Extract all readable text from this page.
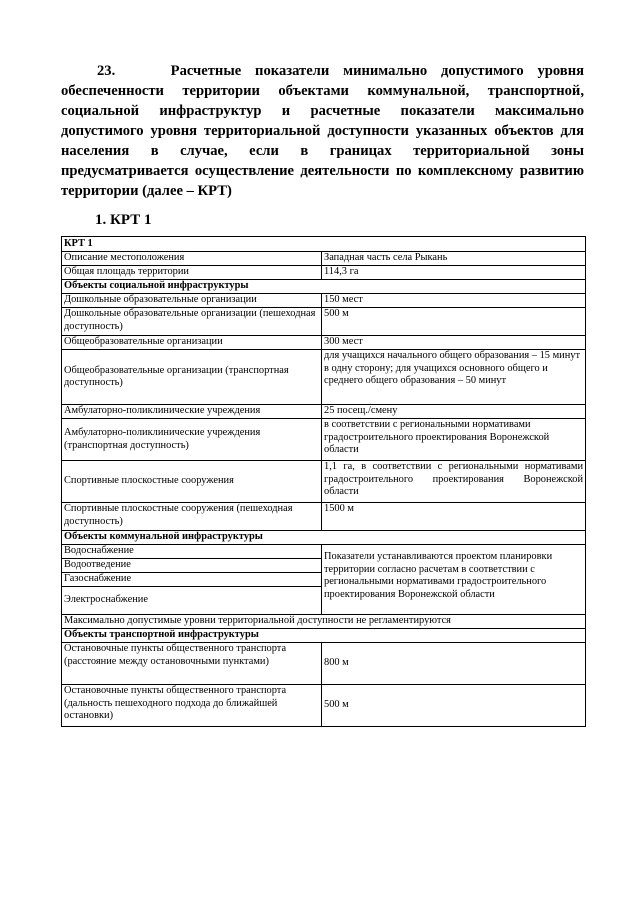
23.	Расчетные показатели минимально допустимого уровня обеспеченности территории объектами коммунальной, транспортной, социальной инфраструктур и расчетные показатели максимально допустимого уровня территориальной доступности указанных объектов для населения в случае, если в границах территориальной зоны предусматривается осуществление деятельности по комплексному развитию территории (далее – КРТ)
1. КРТ 1
КРТ 1	
Описание местоположения	Западная часть села Рыкань
Общая площадь территории	114,3 га
Объекты социальной инфраструктуры	
Дошкольные образовательные организации	150 мест
Дошкольные образовательные организации (пешеходная доступность)	500 м
Общеобразовательные организации	300 мест
Общеобразовательные организации (транспортная доступность)	для учащихся начального общего образования – 15 минут в одну сторону; для учащихся основного общего и среднего общего образования – 50 минут
Амбулаторно-поликлинические учреждения	25 посещ./смену
Амбулаторно-поликлинические учреждения (транспортная доступность)	в соответствии с региональными нормативами градостроительного проектирования Воронежской области
Спортивные плоскостные сооружения	1,1 га, в соответствии с региональными нормативами градостроительного проектирования Воронежской области
Спортивные плоскостные сооружения (пешеходная доступность)	1500 м
Объекты коммунальной инфраструктуры	
Водоснабжение	Показатели устанавливаются проектом планировки территории согласно расчетам в соответствии с региональными нормативами градостроительного проектирования Воронежской области
Водоотведение	
Газоснабжение	
Электроснабжение	
Максимально допустимые уровни территориальной доступности не регламентируются	
Объекты транспортной инфраструктуры	
Остановочные пункты общественного транспорта (расстояние между остановочными пунктами)	800 м
Остановочные пункты общественного транспорта (дальность пешеходного подхода до ближайшей остановки)	500 м
